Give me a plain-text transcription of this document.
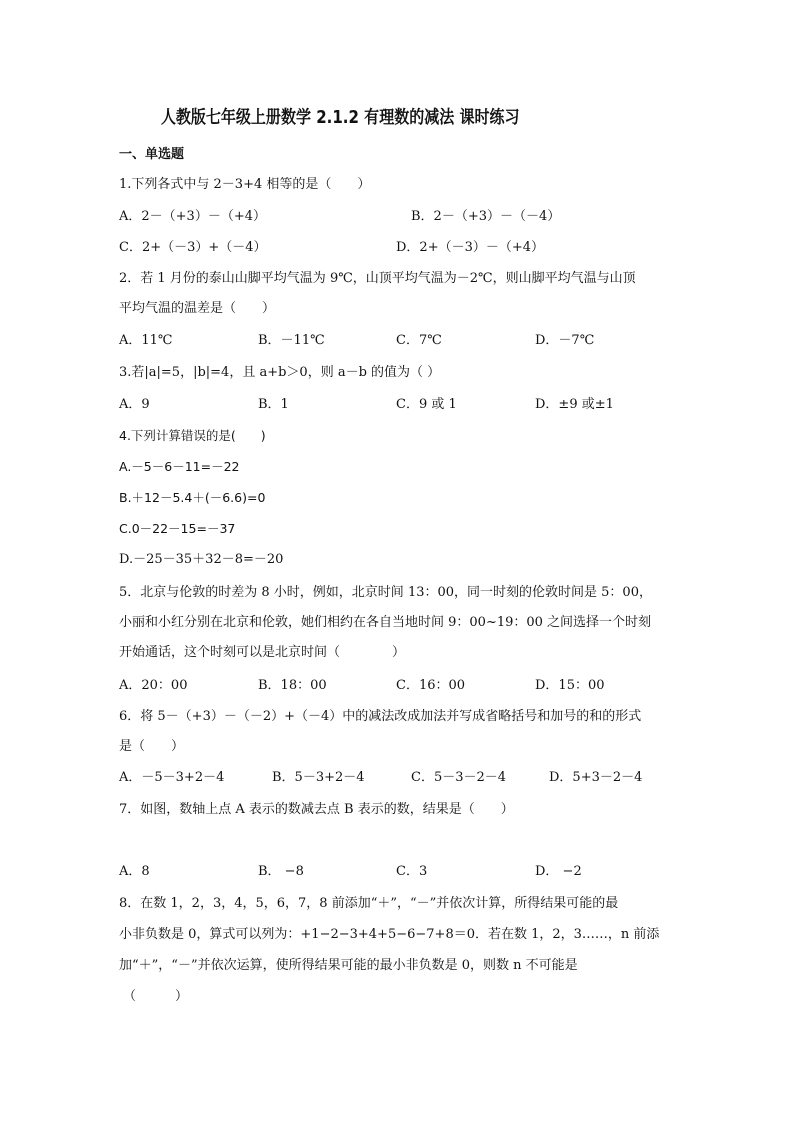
人教版七年级上册数学 2.1.2 有理数的减法 课时练习
一、单选题
1.下列各式中与 2－3+4 相等的是（　　）
A．2－（+3）－（+4）	B．2－（+3）－（－4）
C．2+（－3）+（－4）	D．2+（－3）－（+4）
2．若 1 月份的泰山山脚平均气温为 9℃，山顶平均气温为－2℃，则山脚平均气温与山顶
平均气温的温差是（　　）
A．11℃	B．－11℃	C．7℃	D．－7℃
3.若|a|=5，|b|=4，且 a+b＞0，则 a－b 的值为（ ）
A．9	B．1	C．9 或 1	D．±9 或±1
4.下列计算错误的是(　　)
A.－5－6－11=－22
B.＋12－5.4＋(－6.6)=0
C.0－22－15=－37
D.－25－35＋32－8=－20
5．北京与伦敦的时差为 8 小时，例如，北京时间 13：00，同一时刻的伦敦时间是 5：00，
小丽和小红分别在北京和伦敦，她们相约在各自当地时间 9：00~19：00 之间选择一个时刻
开始通话，这个时刻可以是北京时间（　　　　）
A．20：00	B．18：00	C．16：00	D．15：00
6．将 5－（+3）－（－2）+（－4）中的减法改成加法并写成省略括号和加号的和的形式
是（　　）
A．－5－3+2－4	B．5－3+2－4	C．5－3－2－4	D．5+3－2－4
7．如图，数轴上点 A 表示的数减去点 B 表示的数，结果是（　　）
A．8	B． −8	C．3	D． −2
8．在数 1，2，3，4，5，6，7，8 前添加“＋”，“－”并依次计算，所得结果可能的最
小非负数是 0，算式可以列为：+1−2−3+4+5−6−7+8＝0．若在数 1，2，3……，n 前添
加“＋”，“－”并依次运算，使所得结果可能的最小非负数是 0，则数 n 不可能是
（　　　）
